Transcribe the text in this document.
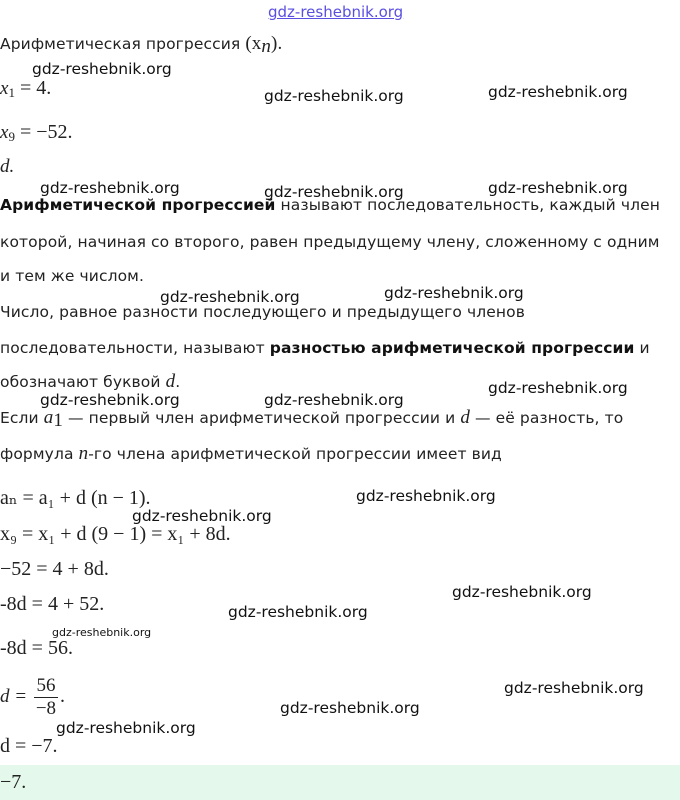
gdz-reshebnik.org
Арифметическая прогрессия $(x_n)$.
$x_1 = 4$.
$x_9 = -52$.
d.
Арифметической прогрессией называют последовательность, каждый член
которой, начиная со второго, равен предыдущему члену, сложенному с одним
и тем же числом.
Число, равное разности последующего и предыдущего членов
последовательности, называют разностью арифметической прогрессии и
обозначают буквой d.
Если $a_1$ — первый член арифметической прогрессии и d — её разность, то
формула n-го члена арифметической прогрессии имеет вид
aₙ = a₁ + d (n − 1).
x₉ = x₁ + d (9 − 1) = x₁ + 8d.
−52 = 4 + 8d.
-8d = 4 + 52.
-8d = 56.
$d = \frac{56}{-8}$ .
d = −7.
−7.
gdz-reshebnik.org
gdz-reshebnik.org	gdz-reshebnik.org
gdz-reshebnik.org	gdz-reshebnik.org	gdz-reshebnik.org
gdz-reshebnik.org	gdz-reshebnik.org
gdz-reshebnik.org	gdz-reshebnik.org
gdz-reshebnik.org
gdz-reshebnik.org
gdz-reshebnik.org
gdz-reshebnik.org
gdz-reshebnik.org
gdz-reshebnik.org
gdz-reshebnik.org
gdz-reshebnik.org
gdz-reshebnik.org
